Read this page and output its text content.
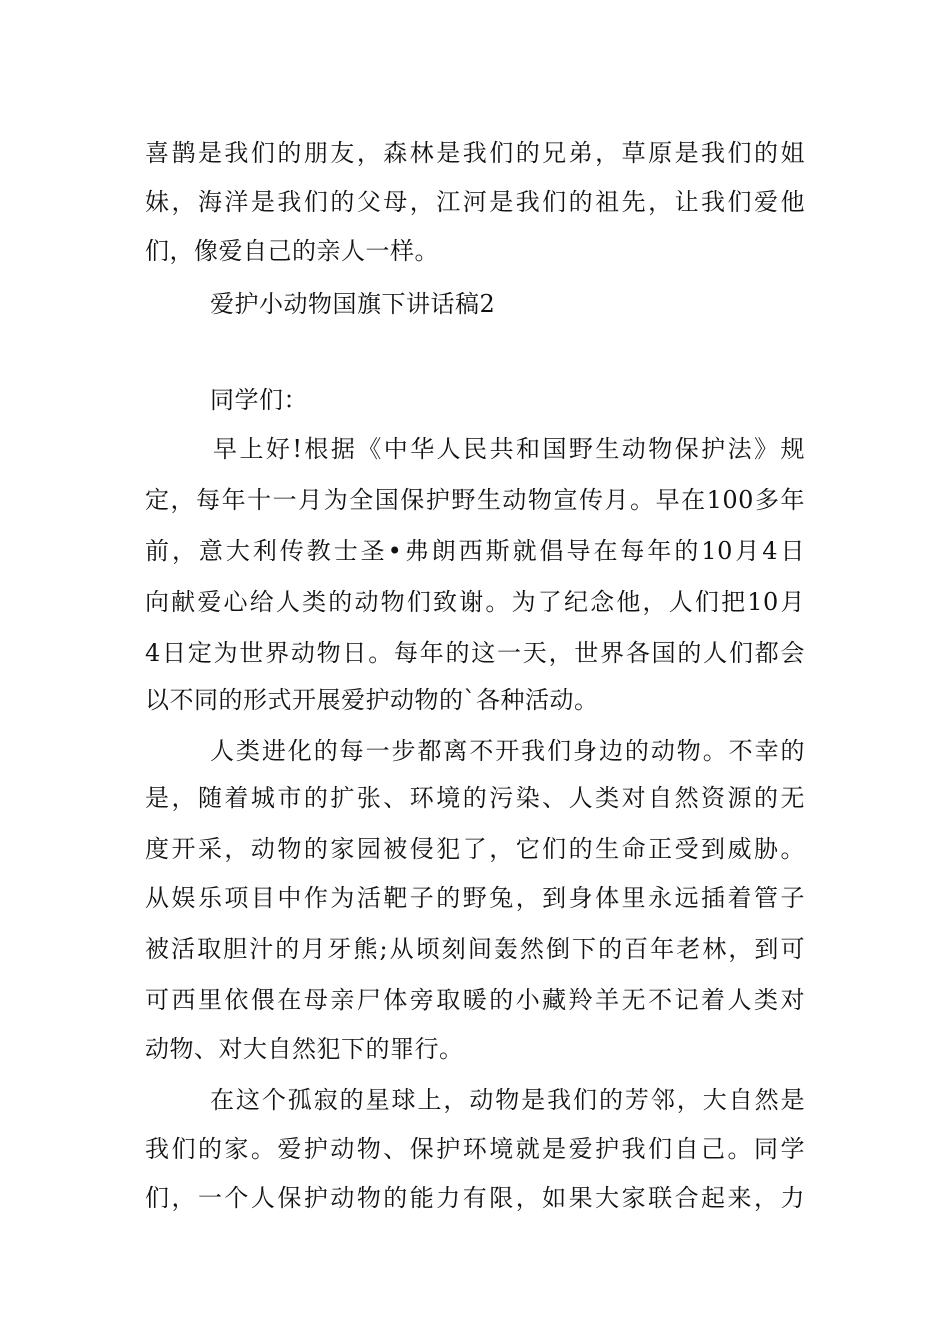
喜鹊是我们的朋友，森林是我们的兄弟，草原是我们的姐
妹，海洋是我们的父母，江河是我们的祖先，让我们爱他
们，像爱自己的亲人一样。
爱护小动物国旗下讲话稿2
同学们：
早上好!根据《中华人民共和国野生动物保护法》规
定，每年十一月为全国保护野生动物宣传月。早在100多年
前，意大利传教士圣•弗朗西斯就倡导在每年的10月4日
向献爱心给人类的动物们致谢。为了纪念他，人们把10月
4日定为世界动物日。每年的这一天，世界各国的人们都会
以不同的形式开展爱护动物的`各种活动。
人类进化的每一步都离不开我们身边的动物。不幸的
是，随着城市的扩张、环境的污染、人类对自然资源的无
度开采，动物的家园被侵犯了，它们的生命正受到威胁。
从娱乐项目中作为活靶子的野兔，到身体里永远插着管子
被活取胆汁的月牙熊;从顷刻间轰然倒下的百年老林，到可
可西里依偎在母亲尸体旁取暖的小藏羚羊无不记着人类对
动物、对大自然犯下的罪行。
在这个孤寂的星球上，动物是我们的芳邻，大自然是
我们的家。爱护动物、保护环境就是爱护我们自己。同学
们，一个人保护动物的能力有限，如果大家联合起来，力
